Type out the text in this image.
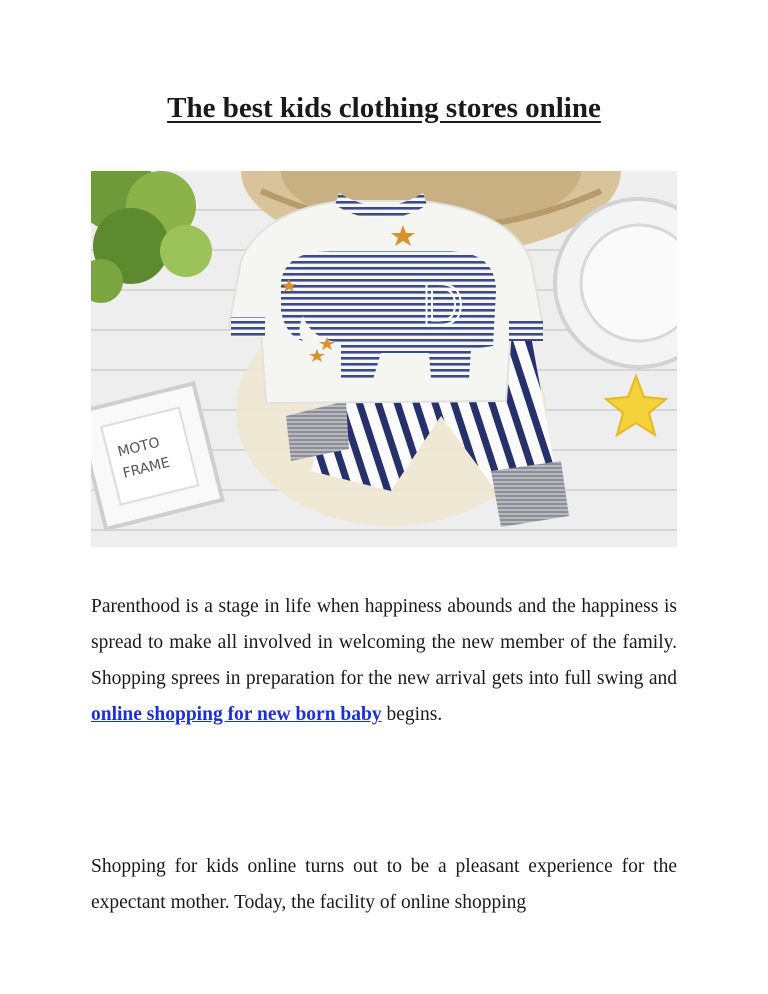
The best kids clothing stores online
MOTO
FRAME
D

Parenthood is a stage in life when happiness abounds and the happiness is spread to make all involved in welcoming the new member of the family. Shopping sprees in preparation for the new arrival gets into full swing and online shopping for new born baby begins.

Shopping for kids online turns out to be a pleasant experience for the expectant mother. Today, the facility of online shopping
